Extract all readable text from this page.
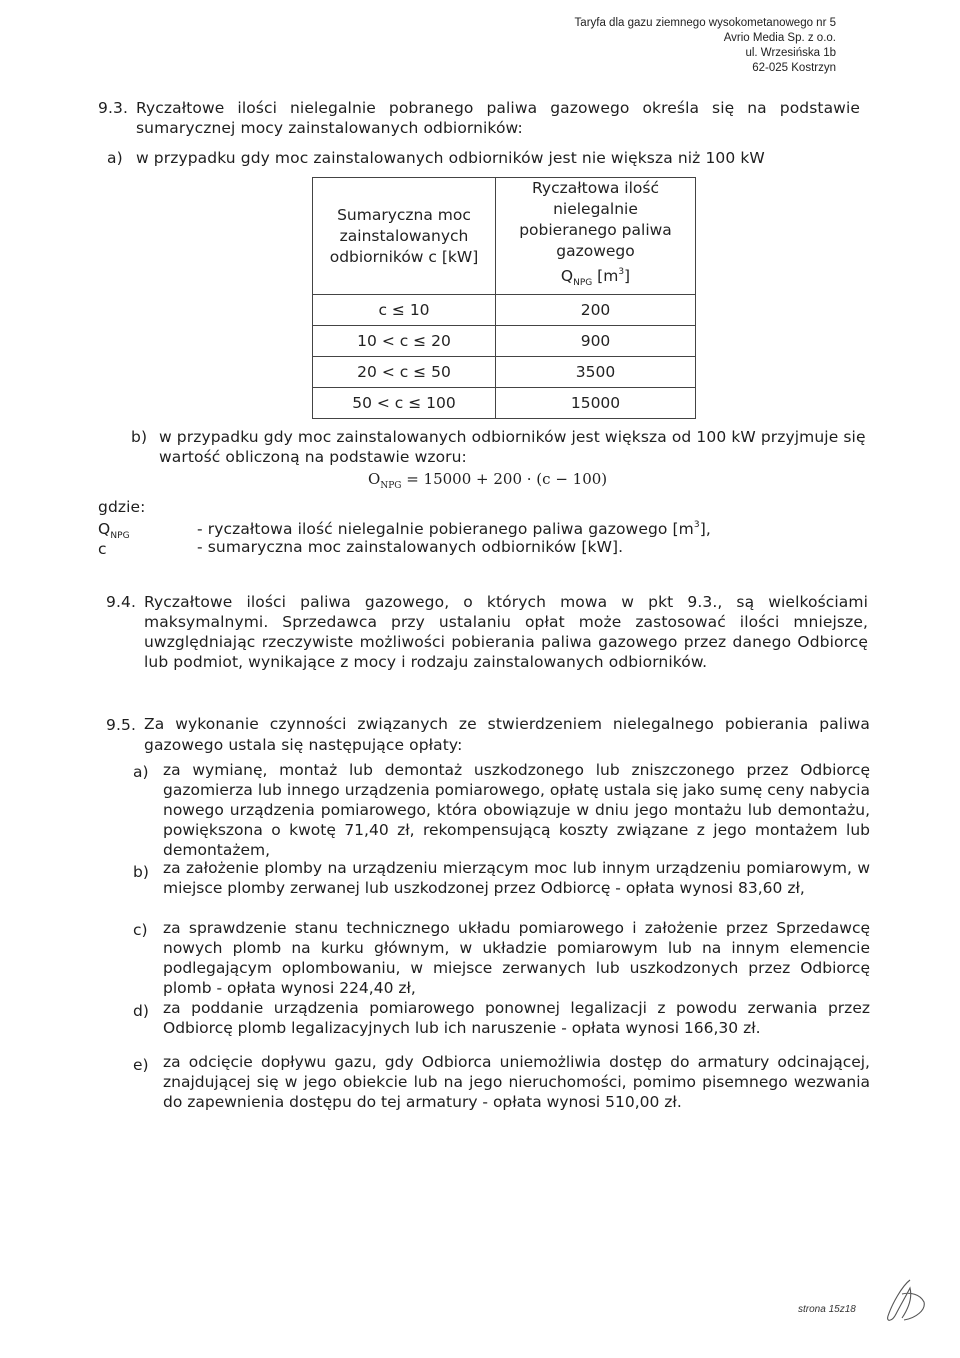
Taryfa dla gazu ziemnego wysokometanowego nr 5
Avrio Media Sp. z o.o.
ul. Wrzesińska 1b
62-025 Kostrzyn
9.3. Ryczałtowe ilości nielegalnie pobranego paliwa gazowego określa się na podstawie sumarycznej mocy zainstalowanych odbiorników:
a) w przypadku gdy moc zainstalowanych odbiorników jest nie większa niż 100 kW
Sumaryczna moc zainstalowanych odbiorników c [kW]	Ryczałtowa ilość
nielegalnie
pobieranego paliwa
gazowego
$Q_{NPG}$ $[m^3]$

c ≤ 10	200
10 < c ≤ 20	900
20 < c ≤ 50	3500
50 < c ≤ 100	15000
b) w przypadku gdy moc zainstalowanych odbiorników jest większa od 100 kW przyjmuje się wartość obliczoną na podstawie wzoru:
$O_{NPG} = 15000 + 200 \cdot (c - 100)$
gdzie:
$Q_{NPG}$	- ryczałtowa ilość nielegalnie pobieranego paliwa gazowego $[m^3]$,
c	- sumaryczna moc zainstalowanych odbiorników [kW].
9.4. Ryczałtowe ilości paliwa gazowego, o których mowa w pkt 9.3., są wielkościami maksymalnymi. Sprzedawca przy ustalaniu opłat może zastosować ilości mniejsze, uwzględniając rzeczywiste możliwości pobierania paliwa gazowego przez danego Odbiorcę lub podmiot, wynikające z mocy i rodzaju zainstalowanych odbiorników.
9.5. Za wykonanie czynności związanych ze stwierdzeniem nielegalnego pobierania paliwa gazowego ustala się następujące opłaty:
a) za wymianę, montaż lub demontaż uszkodzonego lub zniszczonego przez Odbiorcę gazomierza lub innego urządzenia pomiarowego, opłatę ustala się jako sumę ceny nabycia nowego urządzenia pomiarowego, która obowiązuje w dniu jego montażu lub demontażu, powiększona o kwotę 71,40 zł, rekompensującą koszty związane z jego montażem lub demontażem,
b) za założenie plomby na urządzeniu mierzącym moc lub innym urządzeniu pomiarowym, w miejsce plomby zerwanej lub uszkodzonej przez Odbiorcę - opłata wynosi 83,60 zł,
c) za sprawdzenie stanu technicznego układu pomiarowego i założenie przez Sprzedawcę nowych plomb na kurku głównym, w układzie pomiarowym lub na innym elemencie podlegającym oplombowaniu, w miejsce zerwanych lub uszkodzonych przez Odbiorcę plomb - opłata wynosi 224,40 zł,
d) za poddanie urządzenia pomiarowego ponownej legalizacji z powodu zerwania przez Odbiorcę plomb legalizacyjnych lub ich naruszenie - opłata wynosi 166,30 zł.
e) za odcięcie dopływu gazu, gdy Odbiorca uniemożliwia dostęp do armatury odcinającej, znajdującej się w jego obiekcie lub na jego nieruchomości, pomimo pisemnego wezwania do zapewnienia dostępu do tej armatury - opłata wynosi 510,00 zł.
strona 15z18
